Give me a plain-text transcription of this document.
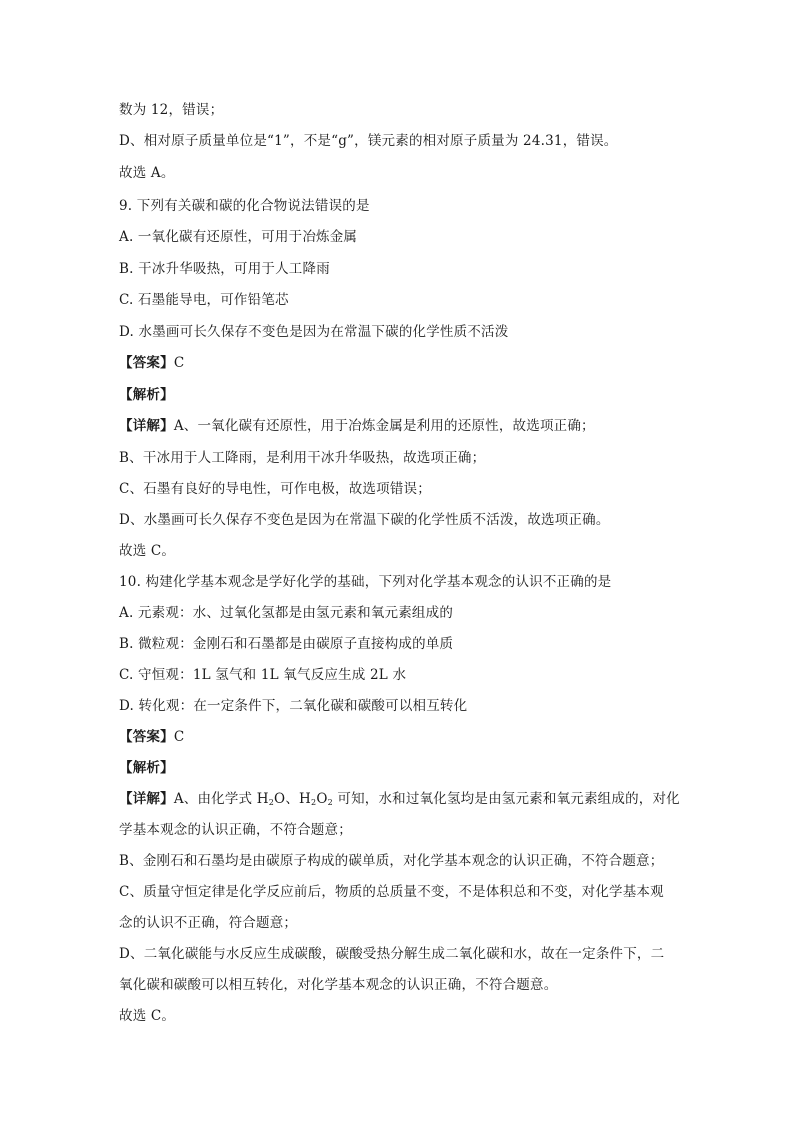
数为 12，错误；
D、相对原子质量单位是“1”，不是“g”，镁元素的相对原子质量为 24.31，错误。
故选 A。
9. 下列有关碳和碳的化合物说法错误的是
A. 一氧化碳有还原性，可用于冶炼金属
B. 干冰升华吸热，可用于人工降雨
C. 石墨能导电，可作铅笔芯
D. 水墨画可长久保存不变色是因为在常温下碳的化学性质不活泼
【答案】C
【解析】
【详解】A、一氧化碳有还原性，用于冶炼金属是利用的还原性，故选项正确；
B、干冰用于人工降雨，是利用干冰升华吸热，故选项正确；
C、石墨有良好的导电性，可作电极，故选项错误；
D、水墨画可长久保存不变色是因为在常温下碳的化学性质不活泼，故选项正确。
故选 C。
10. 构建化学基本观念是学好化学的基础，下列对化学基本观念的认识不正确的是
A. 元素观：水、过氧化氢都是由氢元素和氧元素组成的
B. 微粒观：金刚石和石墨都是由碳原子直接构成的单质
C. 守恒观：1L 氢气和 1L 氧气反应生成 2L 水
D. 转化观：在一定条件下，二氧化碳和碳酸可以相互转化
【答案】C
【解析】
【详解】A、由化学式 $H_2O$、$H_2O_2$ 可知，水和过氧化氢均是由氢元素和氧元素组成的，对化
学基本观念的认识正确，不符合题意；
B、金刚石和石墨均是由碳原子构成的碳单质，对化学基本观念的认识正确，不符合题意；
C、质量守恒定律是化学反应前后，物质的总质量不变，不是体积总和不变，对化学基本观
念的认识不正确，符合题意；
D、二氧化碳能与水反应生成碳酸，碳酸受热分解生成二氧化碳和水，故在一定条件下，二
氧化碳和碳酸可以相互转化，对化学基本观念的认识正确，不符合题意。
故选 C。
